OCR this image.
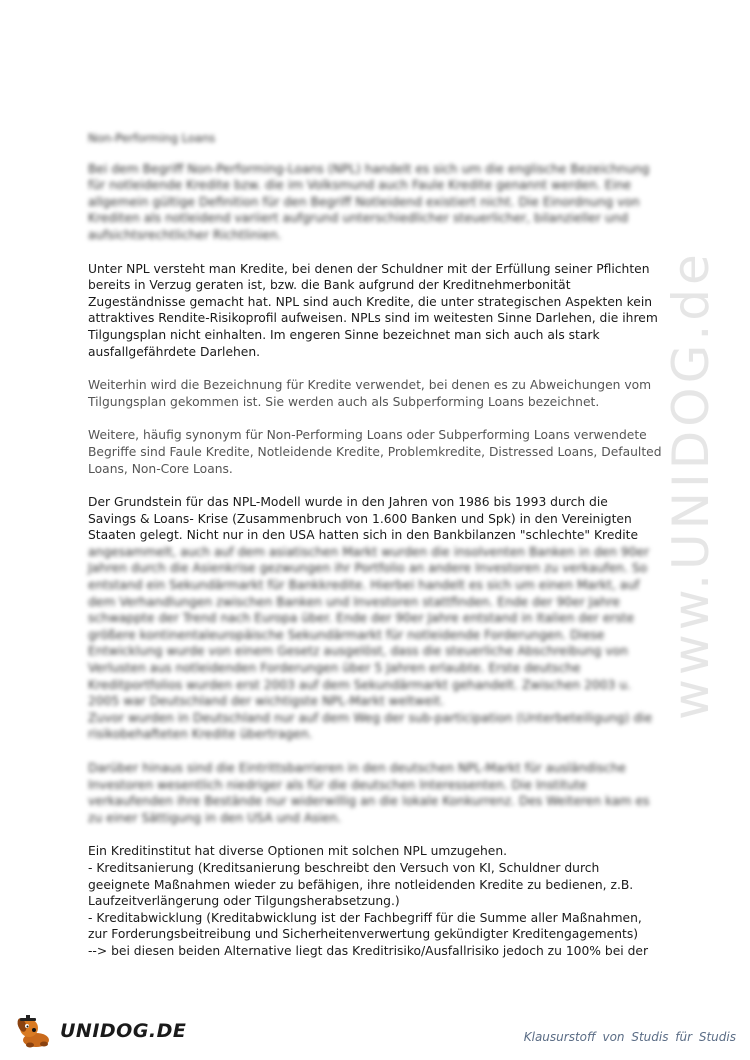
www.UNIDOG.de

Non-Performing Loans

Bei dem Begriff Non-Performing-Loans (NPL) handelt es sich um die englische Bezeichnung
für notleidende Kredite bzw. die im Volksmund auch Faule Kredite genannt werden. Eine
allgemein gültige Definition für den Begriff Notleidend existiert nicht. Die Einordnung von
Krediten als notleidend variiert aufgrund unterschiedlicher steuerlicher, bilanzieller und
aufsichtsrechtlicher Richtlinien.

Unter NPL versteht man Kredite, bei denen der Schuldner mit der Erfüllung seiner Pflichten
bereits in Verzug geraten ist, bzw. die Bank aufgrund der Kreditnehmerbonität
Zugeständnisse gemacht hat. NPL sind auch Kredite, die unter strategischen Aspekten kein
attraktives Rendite-Risikoprofil aufweisen. NPLs sind im weitesten Sinne Darlehen, die ihrem
Tilgungsplan nicht einhalten. Im engeren Sinne bezeichnet man sich auch als stark
ausfallgefährdete Darlehen.

Weiterhin wird die Bezeichnung für Kredite verwendet, bei denen es zu Abweichungen vom
Tilgungsplan gekommen ist. Sie werden auch als Subperforming Loans bezeichnet.

Weitere, häufig synonym für Non-Performing Loans oder Subperforming Loans verwendete
Begriffe sind Faule Kredite, Notleidende Kredite, Problemkredite, Distressed Loans, Defaulted
Loans, Non-Core Loans.

Der Grundstein für das NPL-Modell wurde in den Jahren von 1986 bis 1993 durch die
Savings & Loans- Krise (Zusammenbruch von 1.600 Banken und Spk) in den Vereinigten
Staaten gelegt. Nicht nur in den USA hatten sich in den Bankbilanzen "schlechte" Kredite

angesammelt, auch auf dem asiatischen Markt wurden die insolventen Banken in den 90er
Jahren durch die Asienkrise gezwungen ihr Portfolio an andere Investoren zu verkaufen. So
entstand ein Sekundärmarkt für Bankkredite. Hierbei handelt es sich um einen Markt, auf
dem Verhandlungen zwischen Banken und Investoren stattfinden. Ende der 90er Jahre
schwappte der Trend nach Europa über. Ende der 90er Jahre entstand in Italien der erste
größere kontinentaleuropäische Sekundärmarkt für notleidende Forderungen. Diese
Entwicklung wurde von einem Gesetz ausgelöst, dass die steuerliche Abschreibung von
Verlusten aus notleidenden Forderungen über 5 Jahren erlaubte. Erste deutsche
Kreditportfolios wurden erst 2003 auf dem Sekundärmarkt gehandelt. Zwischen 2003 u.
2005 war Deutschland der wichtigste NPL-Markt weltweit.
Zuvor wurden in Deutschland nur auf dem Weg der sub-participation (Unterbeteiligung) die
risikobehafteten Kredite übertragen.

Darüber hinaus sind die Eintrittsbarrieren in den deutschen NPL-Markt für ausländische
Investoren wesentlich niedriger als für die deutschen Interessenten. Die Institute
verkaufenden ihre Bestände nur widerwillig an die lokale Konkurrenz. Des Weiteren kam es
zu einer Sättigung in den USA und Asien.

Ein Kreditinstitut hat diverse Optionen mit solchen NPL umzugehen.
- Kreditsanierung (Kreditsanierung beschreibt den Versuch von KI, Schuldner durch
geeignete Maßnahmen wieder zu befähigen, ihre notleidenden Kredite zu bedienen, z.B.
Laufzeitverlängerung oder Tilgungsherabsetzung.)
- Kreditabwicklung (Kreditabwicklung ist der Fachbegriff für die Summe aller Maßnahmen,
zur Forderungsbeitreibung und Sicherheitenverwertung gekündigter Kreditengagements)
--> bei diesen beiden Alternative liegt das Kreditrisiko/Ausfallrisiko jedoch zu 100% bei der

UNIDOG.DE	Klausurstoff von Studis für Studis
